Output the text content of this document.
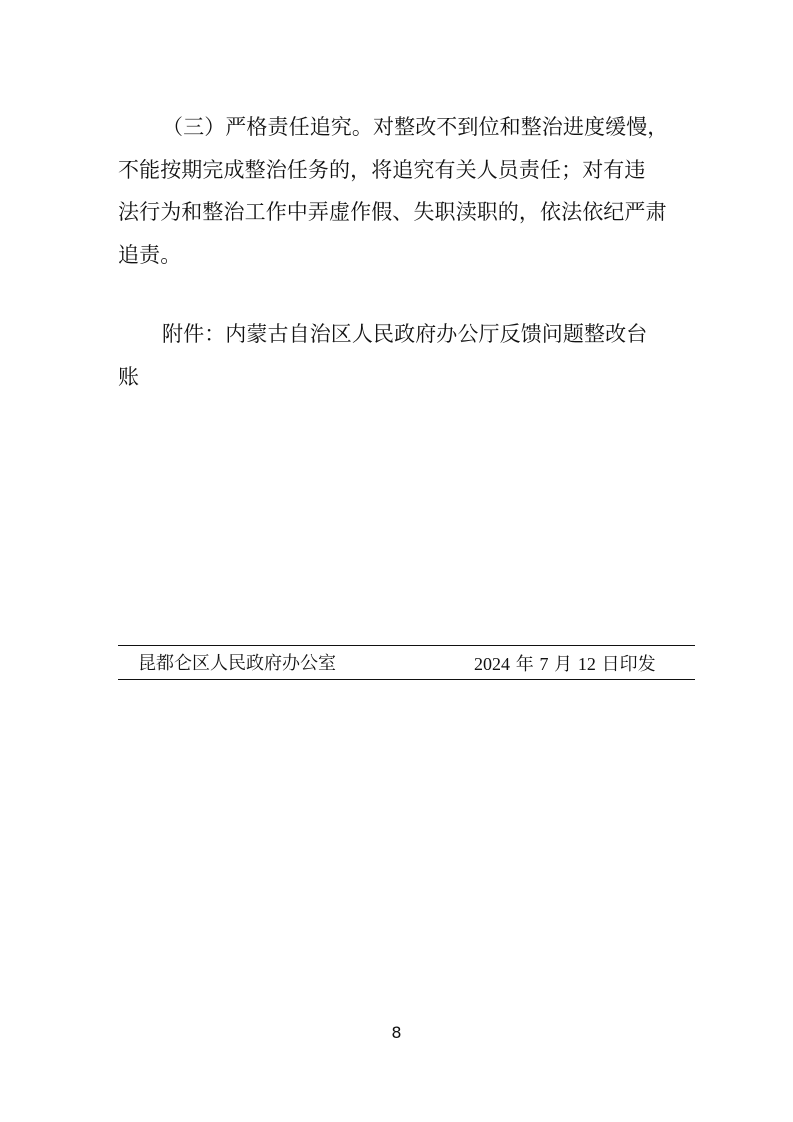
（三）严格责任追究。对整改不到位和整治进度缓慢，
不能按期完成整治任务的，将追究有关人员责任；对有违
法行为和整治工作中弄虚作假、失职渎职的，依法依纪严肃
追责。
附件：内蒙古自治区人民政府办公厅反馈问题整改台
账
昆都仑区人民政府办公室	2024 年 7 月 12 日印发
8
